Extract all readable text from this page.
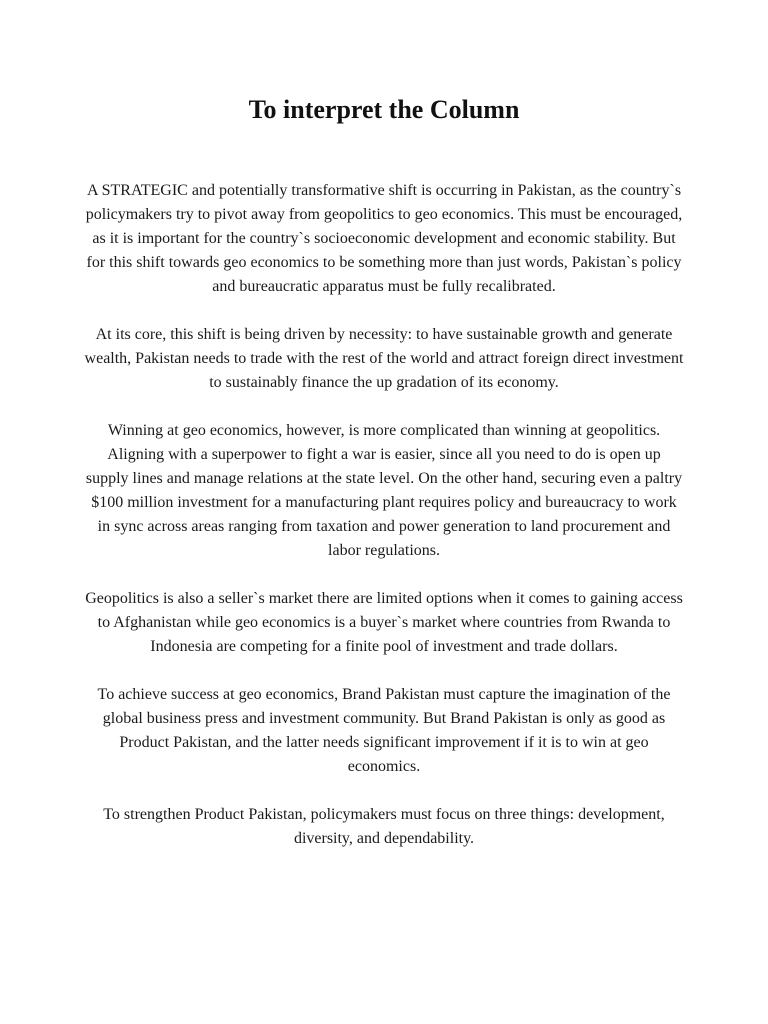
To interpret the Column

A STRATEGIC and potentially transformative shift is occurring in Pakistan, as the country`s policymakers try to pivot away from geopolitics to geo economics. This must be encouraged, as it is important for the country`s socioeconomic development and economic stability. But for this shift towards geo economics to be something more than just words, Pakistan`s policy and bureaucratic apparatus must be fully recalibrated.

At its core, this shift is being driven by necessity: to have sustainable growth and generate wealth, Pakistan needs to trade with the rest of the world and attract foreign direct investment to sustainably finance the up gradation of its economy.

Winning at geo economics, however, is more complicated than winning at geopolitics. Aligning with a superpower to fight a war is easier, since all you need to do is open up supply lines and manage relations at the state level. On the other hand, securing even a paltry $100 million investment for a manufacturing plant requires policy and bureaucracy to work in sync across areas ranging from taxation and power generation to land procurement and labor regulations.

Geopolitics is also a seller`s market there are limited options when it comes to gaining access to Afghanistan while geo economics is a buyer`s market where countries from Rwanda to Indonesia are competing for a finite pool of investment and trade dollars.

To achieve success at geo economics, Brand Pakistan must capture the imagination of the global business press and investment community. But Brand Pakistan is only as good as Product Pakistan, and the latter needs significant improvement if it is to win at geo economics.

To strengthen Product Pakistan, policymakers must focus on three things: development, diversity, and dependability.
